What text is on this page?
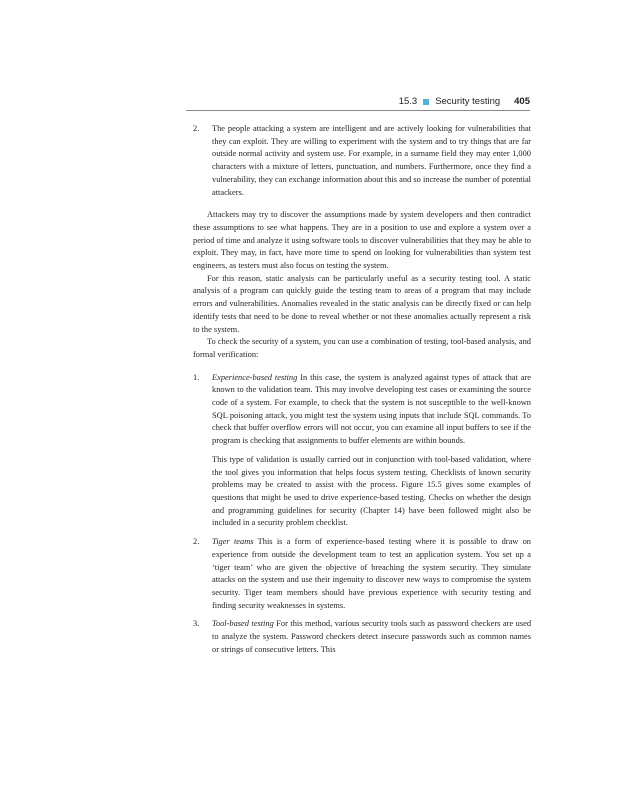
15.3 Security testing 405
2.	The people attacking a system are intelligent and are actively looking for vulnerabilities that they can exploit. They are willing to experiment with the system and to try things that are far outside normal activity and system use. For example, in a surname field they may enter 1,000 characters with a mixture of letters, punctuation, and numbers. Furthermore, once they find a vulnerability, they can exchange information about this and so increase the number of potential attackers.

Attackers may try to discover the assumptions made by system developers and then contradict these assumptions to see what happens. They are in a position to use and explore a system over a period of time and analyze it using software tools to discover vulnerabilities that they may be able to exploit. They may, in fact, have more time to spend on looking for vulnerabilities than system test engineers, as testers must also focus on testing the system.

For this reason, static analysis can be particularly useful as a security testing tool. A static analysis of a program can quickly guide the testing team to areas of a program that may include errors and vulnerabilities. Anomalies revealed in the static analysis can be directly fixed or can help identify tests that need to be done to reveal whether or not these anomalies actually represent a risk to the system.

To check the security of a system, you can use a combination of testing, tool-based analysis, and formal verification:

1.	Experience-based testing In this case, the system is analyzed against types of attack that are known to the validation team. This may involve developing test cases or examining the source code of a system. For example, to check that the system is not susceptible to the well-known SQL poisoning attack, you might test the system using inputs that include SQL commands. To check that buffer overflow errors will not occur, you can examine all input buffers to see if the program is checking that assignments to buffer elements are within bounds.

This type of validation is usually carried out in conjunction with tool-based validation, where the tool gives you information that helps focus system testing. Checklists of known security problems may be created to assist with the process. Figure 15.5 gives some examples of questions that might be used to drive experience-based testing. Checks on whether the design and programming guidelines for security (Chapter 14) have been followed might also be included in a security problem checklist.

2.	Tiger teams This is a form of experience-based testing where it is possible to draw on experience from outside the development team to test an application system. You set up a ‘tiger team’ who are given the objective of breaching the system security. They simulate attacks on the system and use their ingenuity to discover new ways to compromise the system security. Tiger team members should have previous experience with security testing and finding security weaknesses in systems.

3.	Tool-based testing For this method, various security tools such as password checkers are used to analyze the system. Password checkers detect insecure passwords such as common names or strings of consecutive letters. This
